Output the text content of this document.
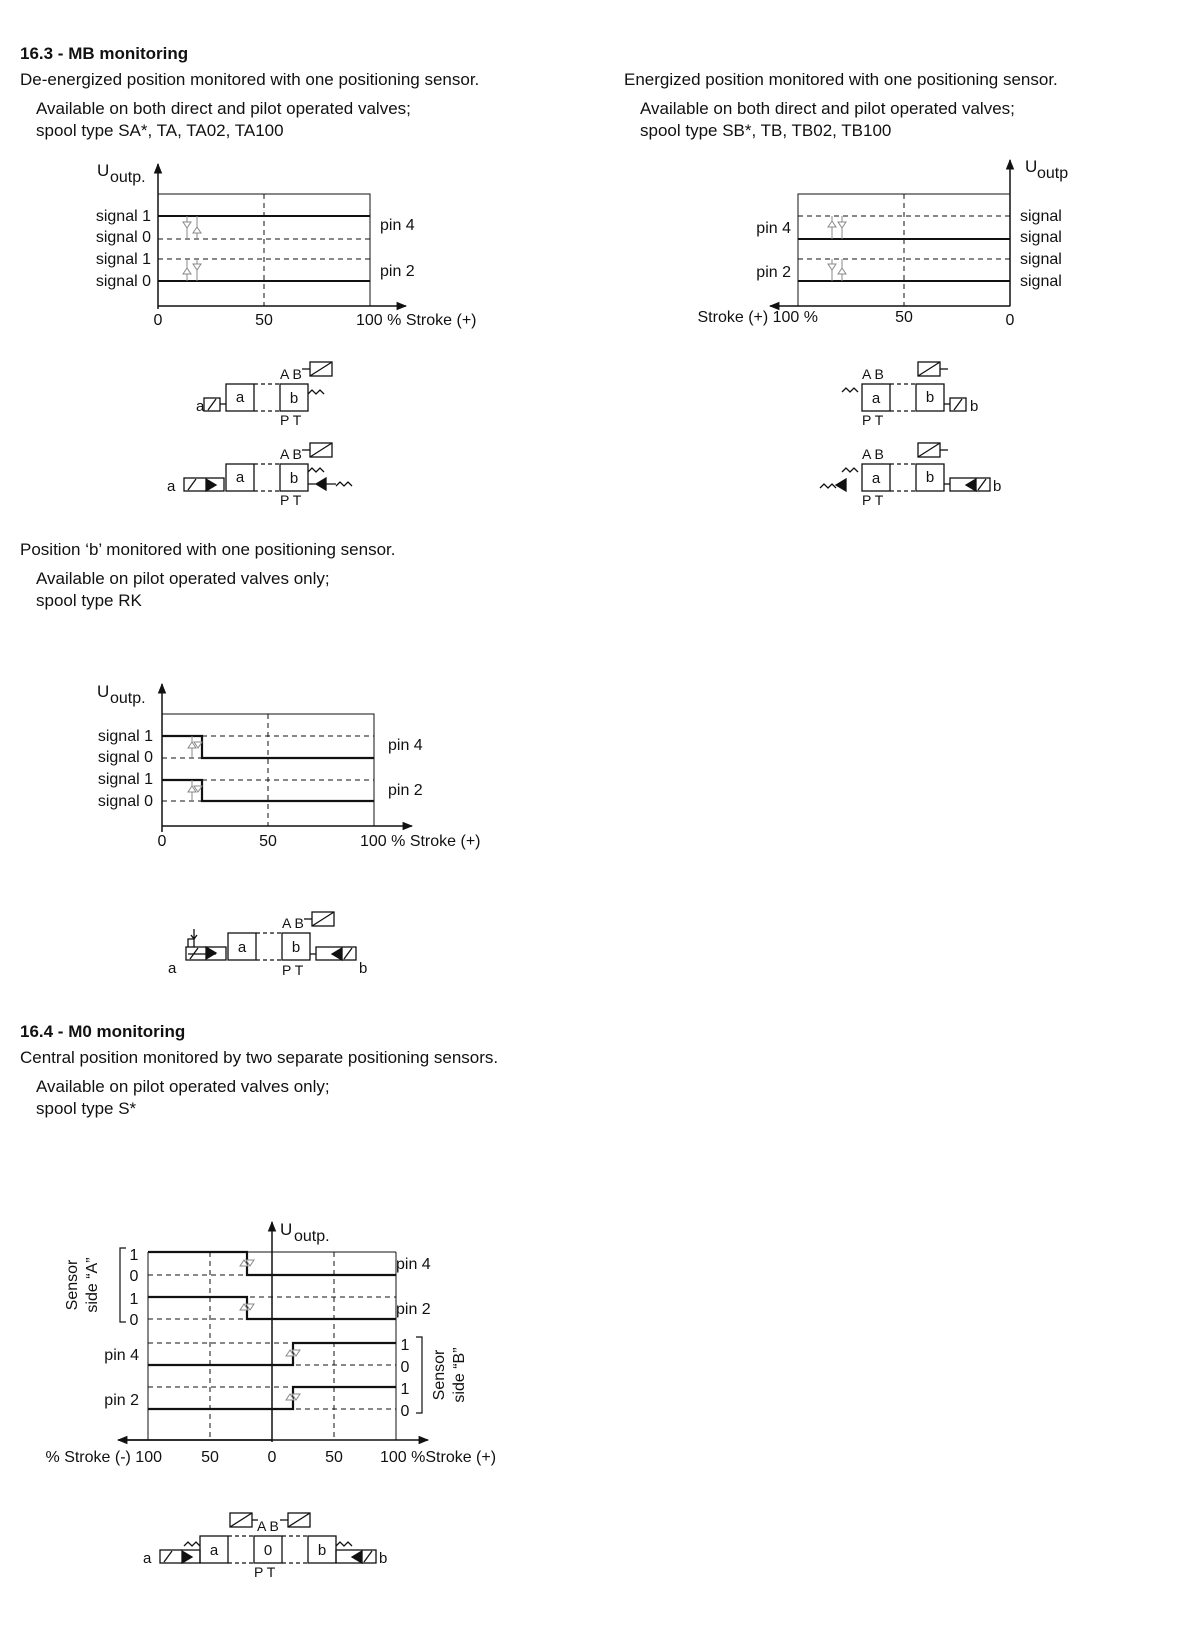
16.3 - MB monitoring
De-energized position monitored with one positioning sensor.
Available on both direct and pilot operated valves;
spool type SA*, TA, TA02, TA100
Energized position monitored with one positioning sensor.
Available on both direct and pilot operated valves;
spool type SB*, TB, TB02, TB100
Position ‘b’ monitored with one positioning sensor.
Available on pilot operated valves only;
spool type RK
16.4 - M0 monitoring
Central position monitored by two separate positioning sensors.
Available on pilot operated valves only;
spool type S*
U outp.
signal 1
signal 0
signal 1
signal 0
pin 4
pin 2
0	50	100 % Stroke (+)
a
a	b
A B
P T
a
a	b
A B
P T
U outp
signal
signal
signal
signal
pin 4
pin 2
Stroke (+) 100 %	50	0
a	b
b
A B
P T
a	b
b
A B
P T
U outp.
signal 1
signal 0
signal 1
signal 0
pin 4
pin 2
0	50	100 % Stroke (+)
a
a	b
b
A B
P T
U outp.
1
0
1
0
1
0
1
0
pin 4
pin 2
pin 4
pin 2
Sensor side “A”
Sensor side “B”
% Stroke (-) 100 50	0	50 100 %Stroke (+)
a	a	0	b	b
A B
P T
